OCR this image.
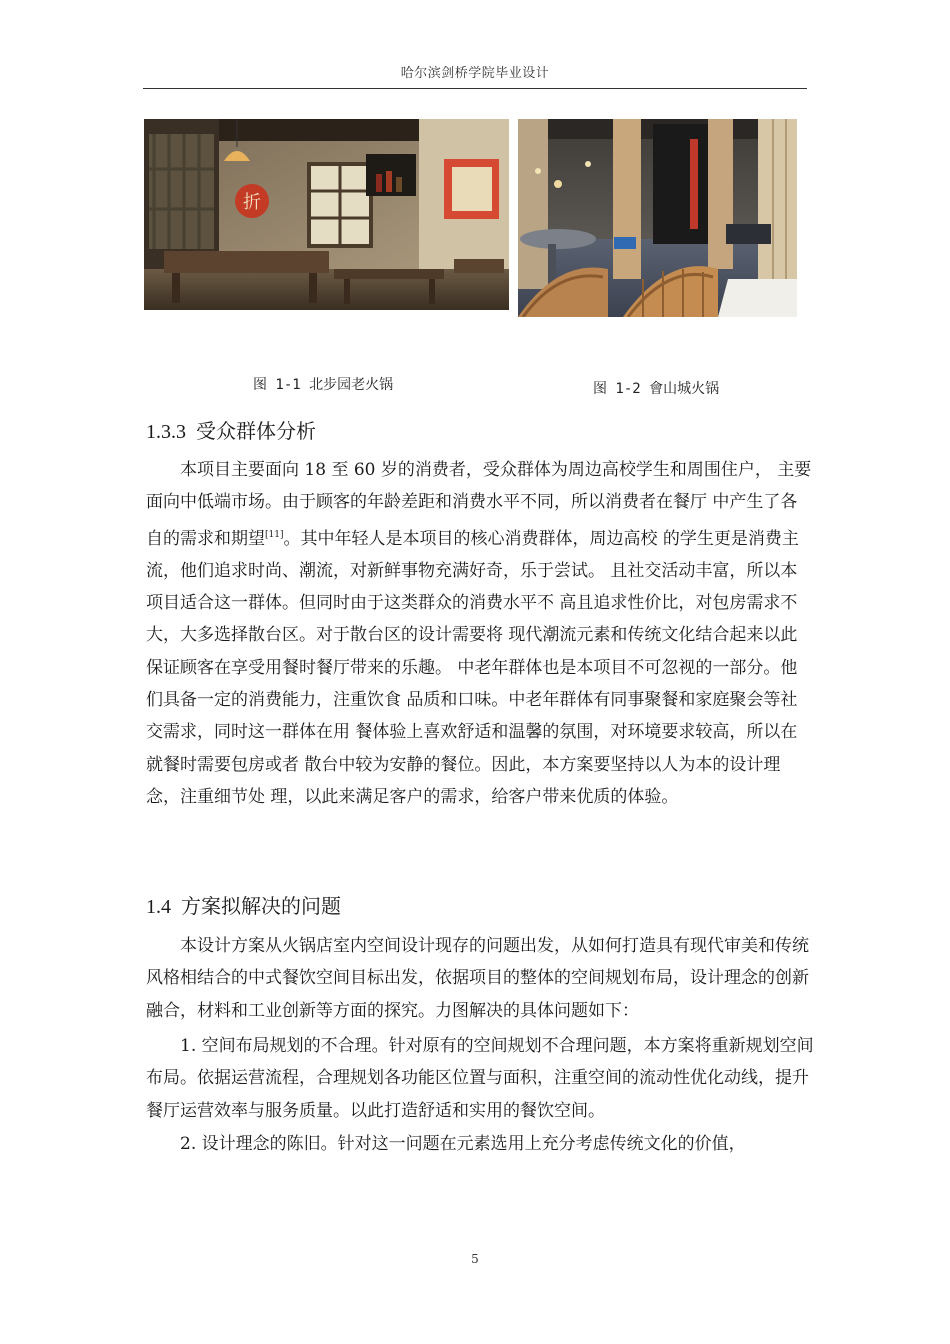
哈尔滨剑桥学院毕业设计
折
图 1-1 北步园老火锅	图 1-2 會山城火锅
1.3.3 受众群体分析

本项目主要面向 18 至 60 岁的消费者，受众群体为周边高校学生和周围住户， 主要面向中低端市场。由于顾客的年龄差距和消费水平不同，所以消费者在餐厅 中产生了各自的需求和期望[11]。其中年轻人是本项目的核心消费群体，周边高校 的学生更是消费主流，他们追求时尚、潮流，对新鲜事物充满好奇，乐于尝试。 且社交活动丰富，所以本项目适合这一群体。但同时由于这类群众的消费水平不 高且追求性价比，对包房需求不大，大多选择散台区。对于散台区的设计需要将 现代潮流元素和传统文化结合起来以此保证顾客在享受用餐时餐厅带来的乐趣。 中老年群体也是本项目不可忽视的一部分。他们具备一定的消费能力，注重饮食 品质和口味。中老年群体有同事聚餐和家庭聚会等社交需求，同时这一群体在用 餐体验上喜欢舒适和温馨的氛围，对环境要求较高，所以在就餐时需要包房或者 散台中较为安静的餐位。因此，本方案要坚持以人为本的设计理念，注重细节处 理，以此来满足客户的需求，给客户带来优质的体验。

1.4 方案拟解决的问题

本设计方案从火锅店室内空间设计现存的问题出发，从如何打造具有现代审美和传统风格相结合的中式餐饮空间目标出发，依据项目的整体的空间规划布局，设计理念的创新融合，材料和工业创新等方面的探究。力图解决的具体问题如下：

1. 空间布局规划的不合理。针对原有的空间规划不合理问题，本方案将重新规划空间布局。依据运营流程，合理规划各功能区位置与面积，注重空间的流动性优化动线，提升餐厅运营效率与服务质量。以此打造舒适和实用的餐饮空间。

2. 设计理念的陈旧。针对这一问题在元素选用上充分考虑传统文化的价值，

5
